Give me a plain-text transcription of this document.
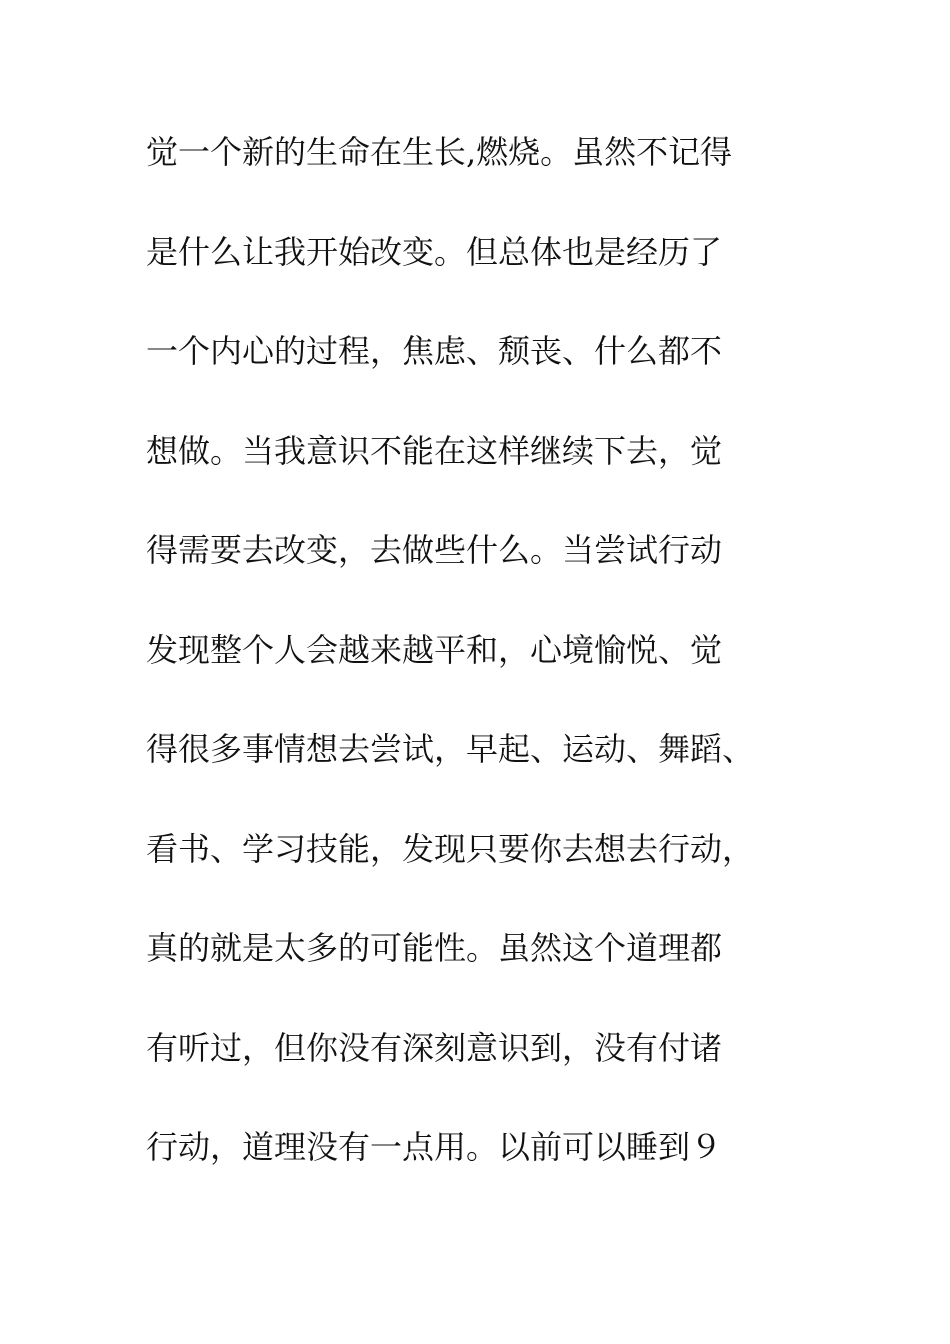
觉一个新的生命在生长,燃烧。虽然不记得
是什么让我开始改变。但总体也是经历了
一个内心的过程，焦虑、颓丧、什么都不
想做。当我意识不能在这样继续下去，觉
得需要去改变，去做些什么。当尝试行动
发现整个人会越来越平和，心境愉悦、觉
得很多事情想去尝试，早起、运动、舞蹈、
看书、学习技能，发现只要你去想去行动，
真的就是太多的可能性。虽然这个道理都
有听过，但你没有深刻意识到，没有付诸
行动，道理没有一点用。以前可以睡到９
